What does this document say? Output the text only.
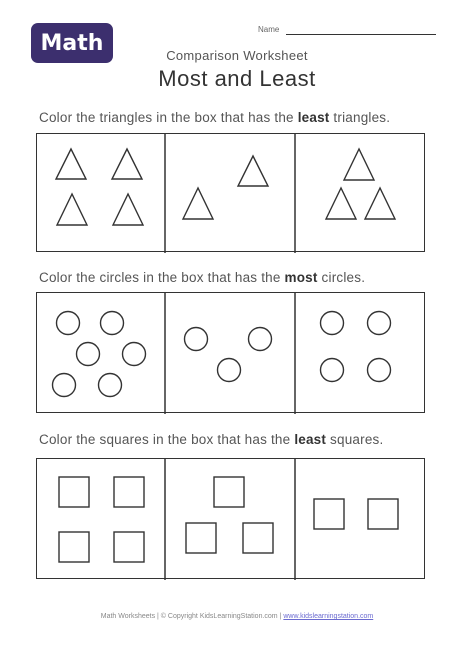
Math
Name
Comparison Worksheet
Most and Least
Color the triangles in the box that has the least triangles.
Color the circles in the box that has the most circles.
Color the squares in the box that has the least squares.
Math Worksheets | © Copyright KidsLearningStation.com | www.kidslearningstation.com
